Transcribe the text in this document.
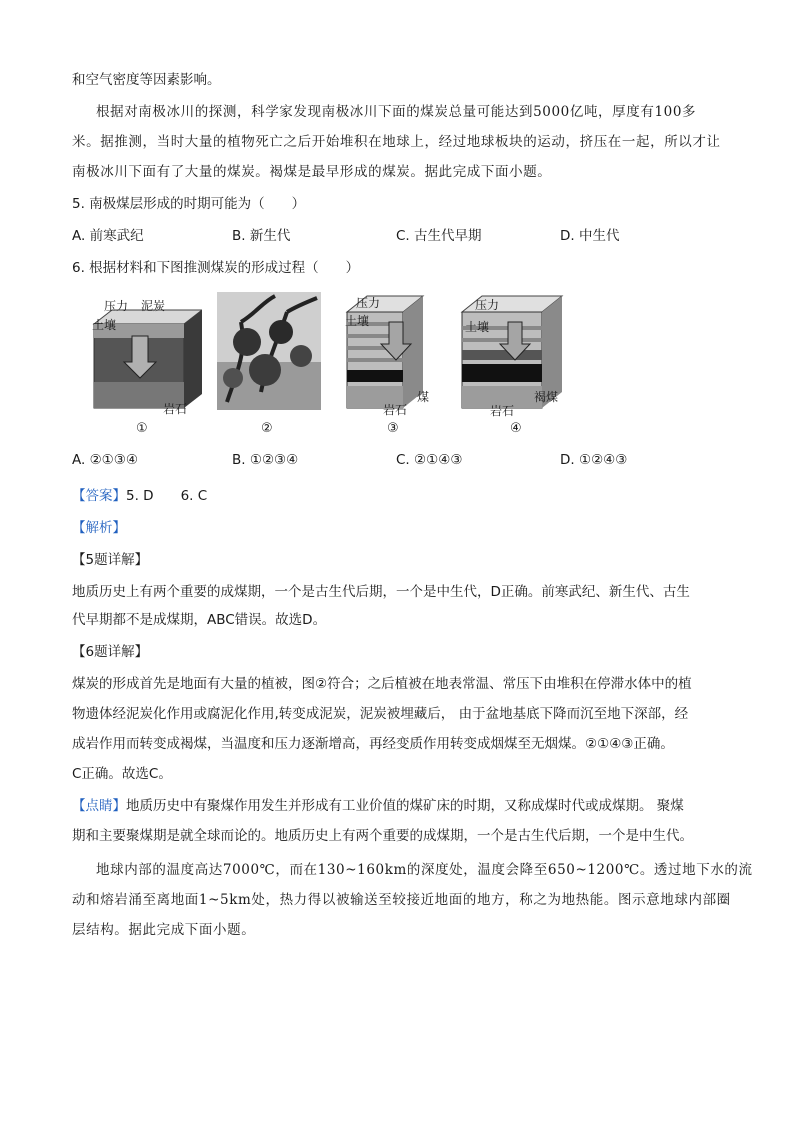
和空气密度等因素影响。
根据对南极冰川的探测，科学家发现南极冰川下面的煤炭总量可能达到5000亿吨，厚度有100多
米。据推测，当时大量的植物死亡之后开始堆积在地球上，经过地球板块的运动，挤压在一起，所以才让
南极冰川下面有了大量的煤炭。褐煤是最早形成的煤炭。据此完成下面小题。
5. 南极煤层形成的时期可能为（　　）
A. 前寒武纪	B. 新生代	C. 古生代早期	D. 中生代
6. 根据材料和下图推测煤炭的形成过程（　　）
压力 泥炭
土壤
岩石
压力
土壤
煤
岩石
压力
土壤
褐煤
岩石
①	②	③	④
A. ②①③④	B. ①②③④	C. ②①④③	D. ①②④③
【答案】5. D　　6. C
【解析】
【5题详解】
地质历史上有两个重要的成煤期，一个是古生代后期，一个是中生代，D正确。前寒武纪、新生代、古生
代早期都不是成煤期，ABC错误。故选D。
【6题详解】
煤炭的形成首先是地面有大量的植被，图②符合；之后植被在地表常温、常压下由堆积在停滞水体中的植
物遗体经泥炭化作用或腐泥化作用,转变成泥炭，泥炭被埋藏后， 由于盆地基底下降而沉至地下深部，经
成岩作用而转变成褐煤，当温度和压力逐渐增高，再经变质作用转变成烟煤至无烟煤。②①④③正确。
C正确。故选C。
【点睛】地质历史中有聚煤作用发生并形成有工业价值的煤矿床的时期，又称成煤时代或成煤期。 聚煤
期和主要聚煤期是就全球而论的。地质历史上有两个重要的成煤期，一个是古生代后期，一个是中生代。
地球内部的温度高达7000℃，而在130~160km的深度处，温度会降至650~1200℃。透过地下水的流
动和熔岩涌至离地面1~5km处，热力得以被输送至较接近地面的地方，称之为地热能。图示意地球内部圈
层结构。据此完成下面小题。
